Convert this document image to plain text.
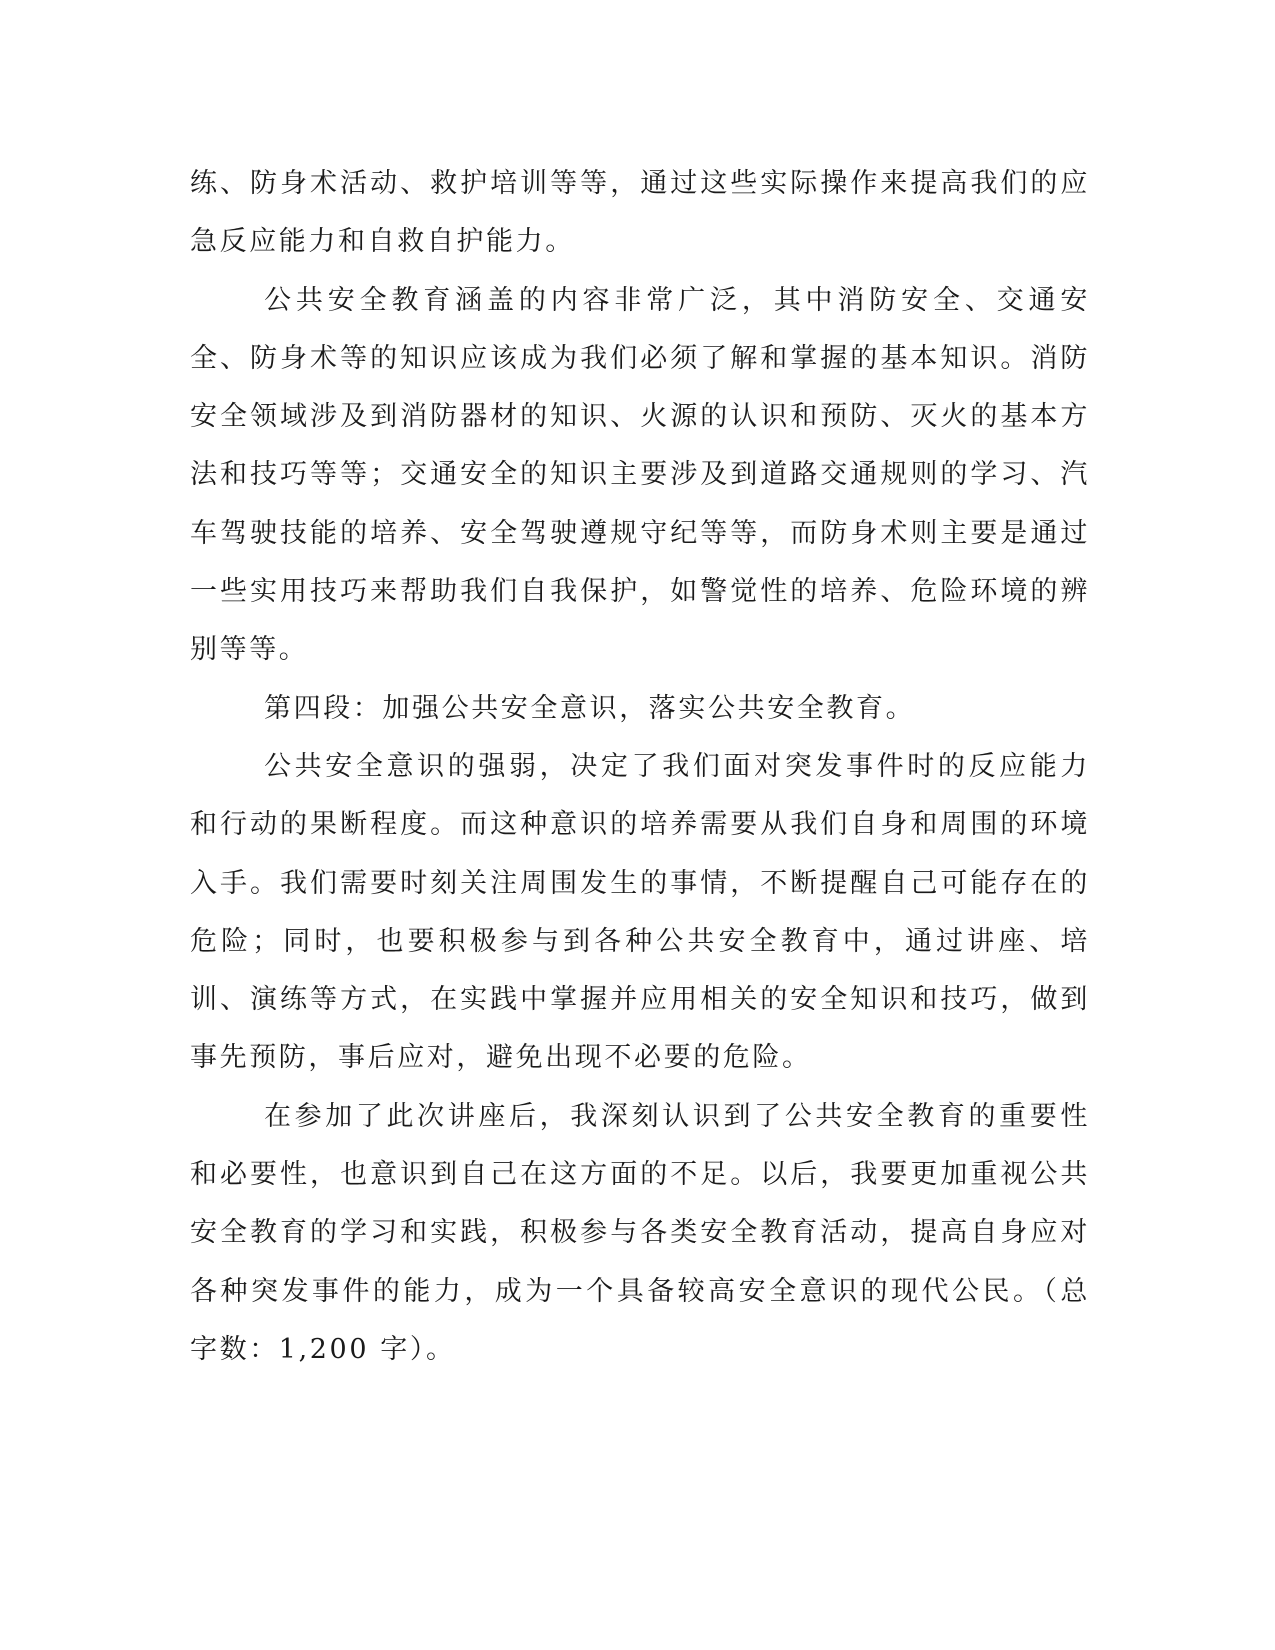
练、防身术活动、救护培训等等，通过这些实际操作来提高我们的应急反应能力和自救自护能力。

公共安全教育涵盖的内容非常广泛，其中消防安全、交通安全、防身术等的知识应该成为我们必须了解和掌握的基本知识。消防安全领域涉及到消防器材的知识、火源的认识和预防、灭火的基本方法和技巧等等；交通安全的知识主要涉及到道路交通规则的学习、汽车驾驶技能的培养、安全驾驶遵规守纪等等，而防身术则主要是通过一些实用技巧来帮助我们自我保护，如警觉性的培养、危险环境的辨别等等。

第四段：加强公共安全意识，落实公共安全教育。

公共安全意识的强弱，决定了我们面对突发事件时的反应能力和行动的果断程度。而这种意识的培养需要从我们自身和周围的环境入手。我们需要时刻关注周围发生的事情，不断提醒自己可能存在的危险；同时，也要积极参与到各种公共安全教育中，通过讲座、培训、演练等方式，在实践中掌握并应用相关的安全知识和技巧，做到事先预防，事后应对，避免出现不必要的危险。

在参加了此次讲座后，我深刻认识到了公共安全教育的重要性和必要性，也意识到自己在这方面的不足。以后，我要更加重视公共安全教育的学习和实践，积极参与各类安全教育活动，提高自身应对各种突发事件的能力，成为一个具备较高安全意识的现代公民。（总字数：1,200 字）。
